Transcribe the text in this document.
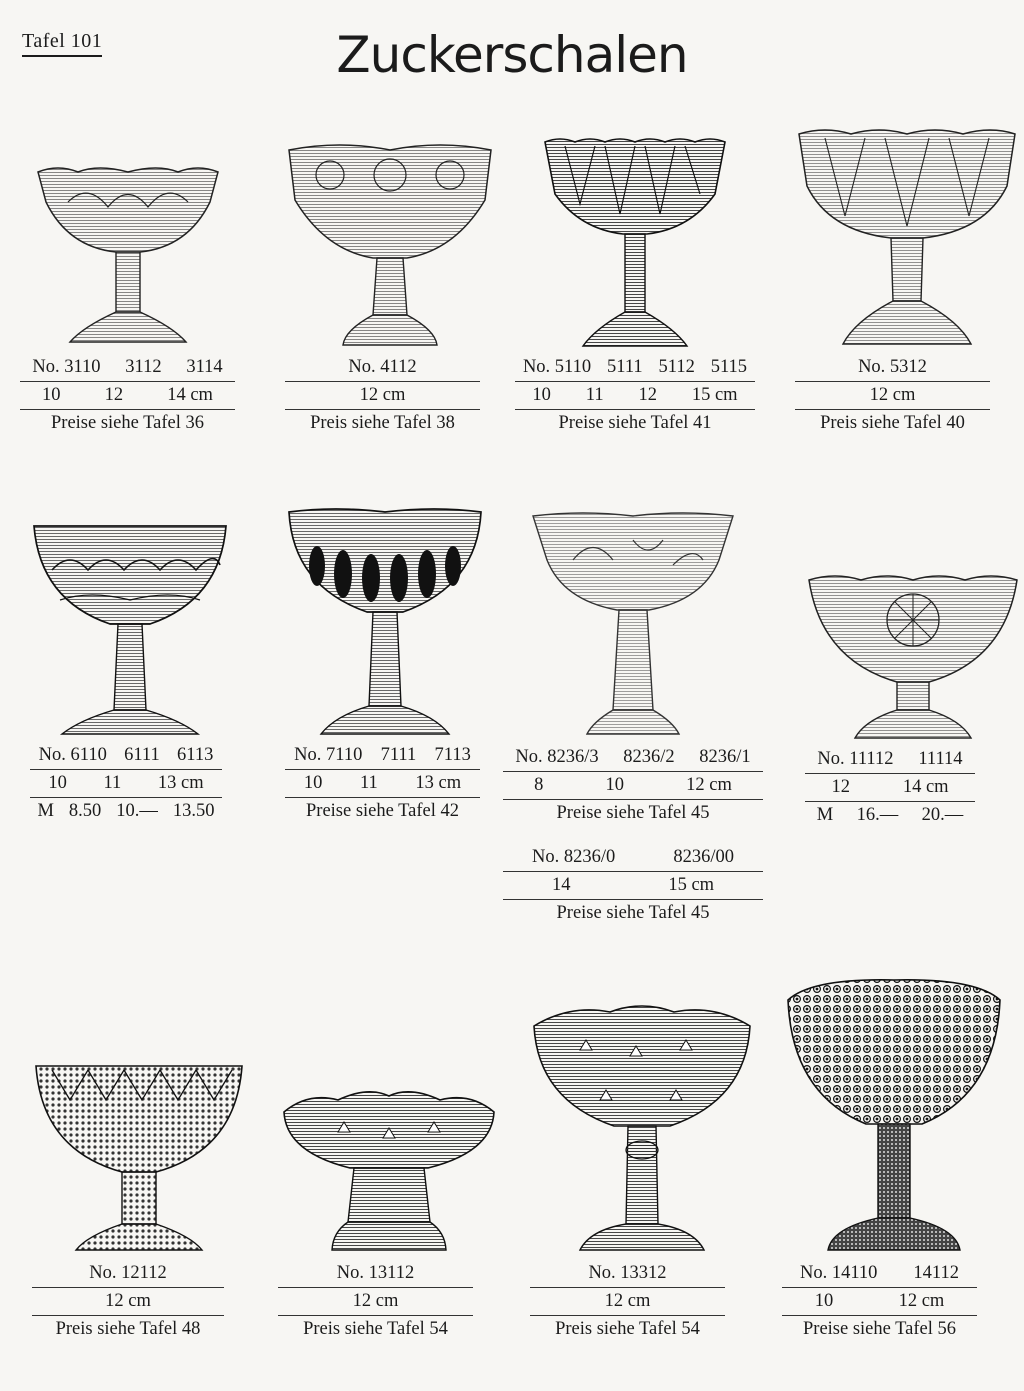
Tafel 101	Zuckerschalen
No. 3110 3112 3114
10 12 14 cm
Preise siehe Tafel 36
No. 4112
12 cm
Preis siehe Tafel 38
No. 5110 5111 5112 5115
10 11 12 15 cm
Preise siehe Tafel 41
No. 5312
12 cm
Preis siehe Tafel 40
No. 6110 6111 6113
10 11 13 cm
M 8.50 10.— 13.50
No. 7110 7111 7113
10 11 13 cm
Preise siehe Tafel 42
No. 8236/3 8236/2 8236/1
8	10	12 cm
Preise siehe Tafel 45
No. 8236/0	8236/00
14	15 cm
Preise siehe Tafel 45
No. 11112 11114
12	14 cm
M 16.— 20.—
No. 12112
12 cm
Preis siehe Tafel 48
No. 13112
12 cm
Preis siehe Tafel 54
No. 13312
12 cm
Preis siehe Tafel 54
No. 14110 14112
10	12 cm
Preise siehe Tafel 56
